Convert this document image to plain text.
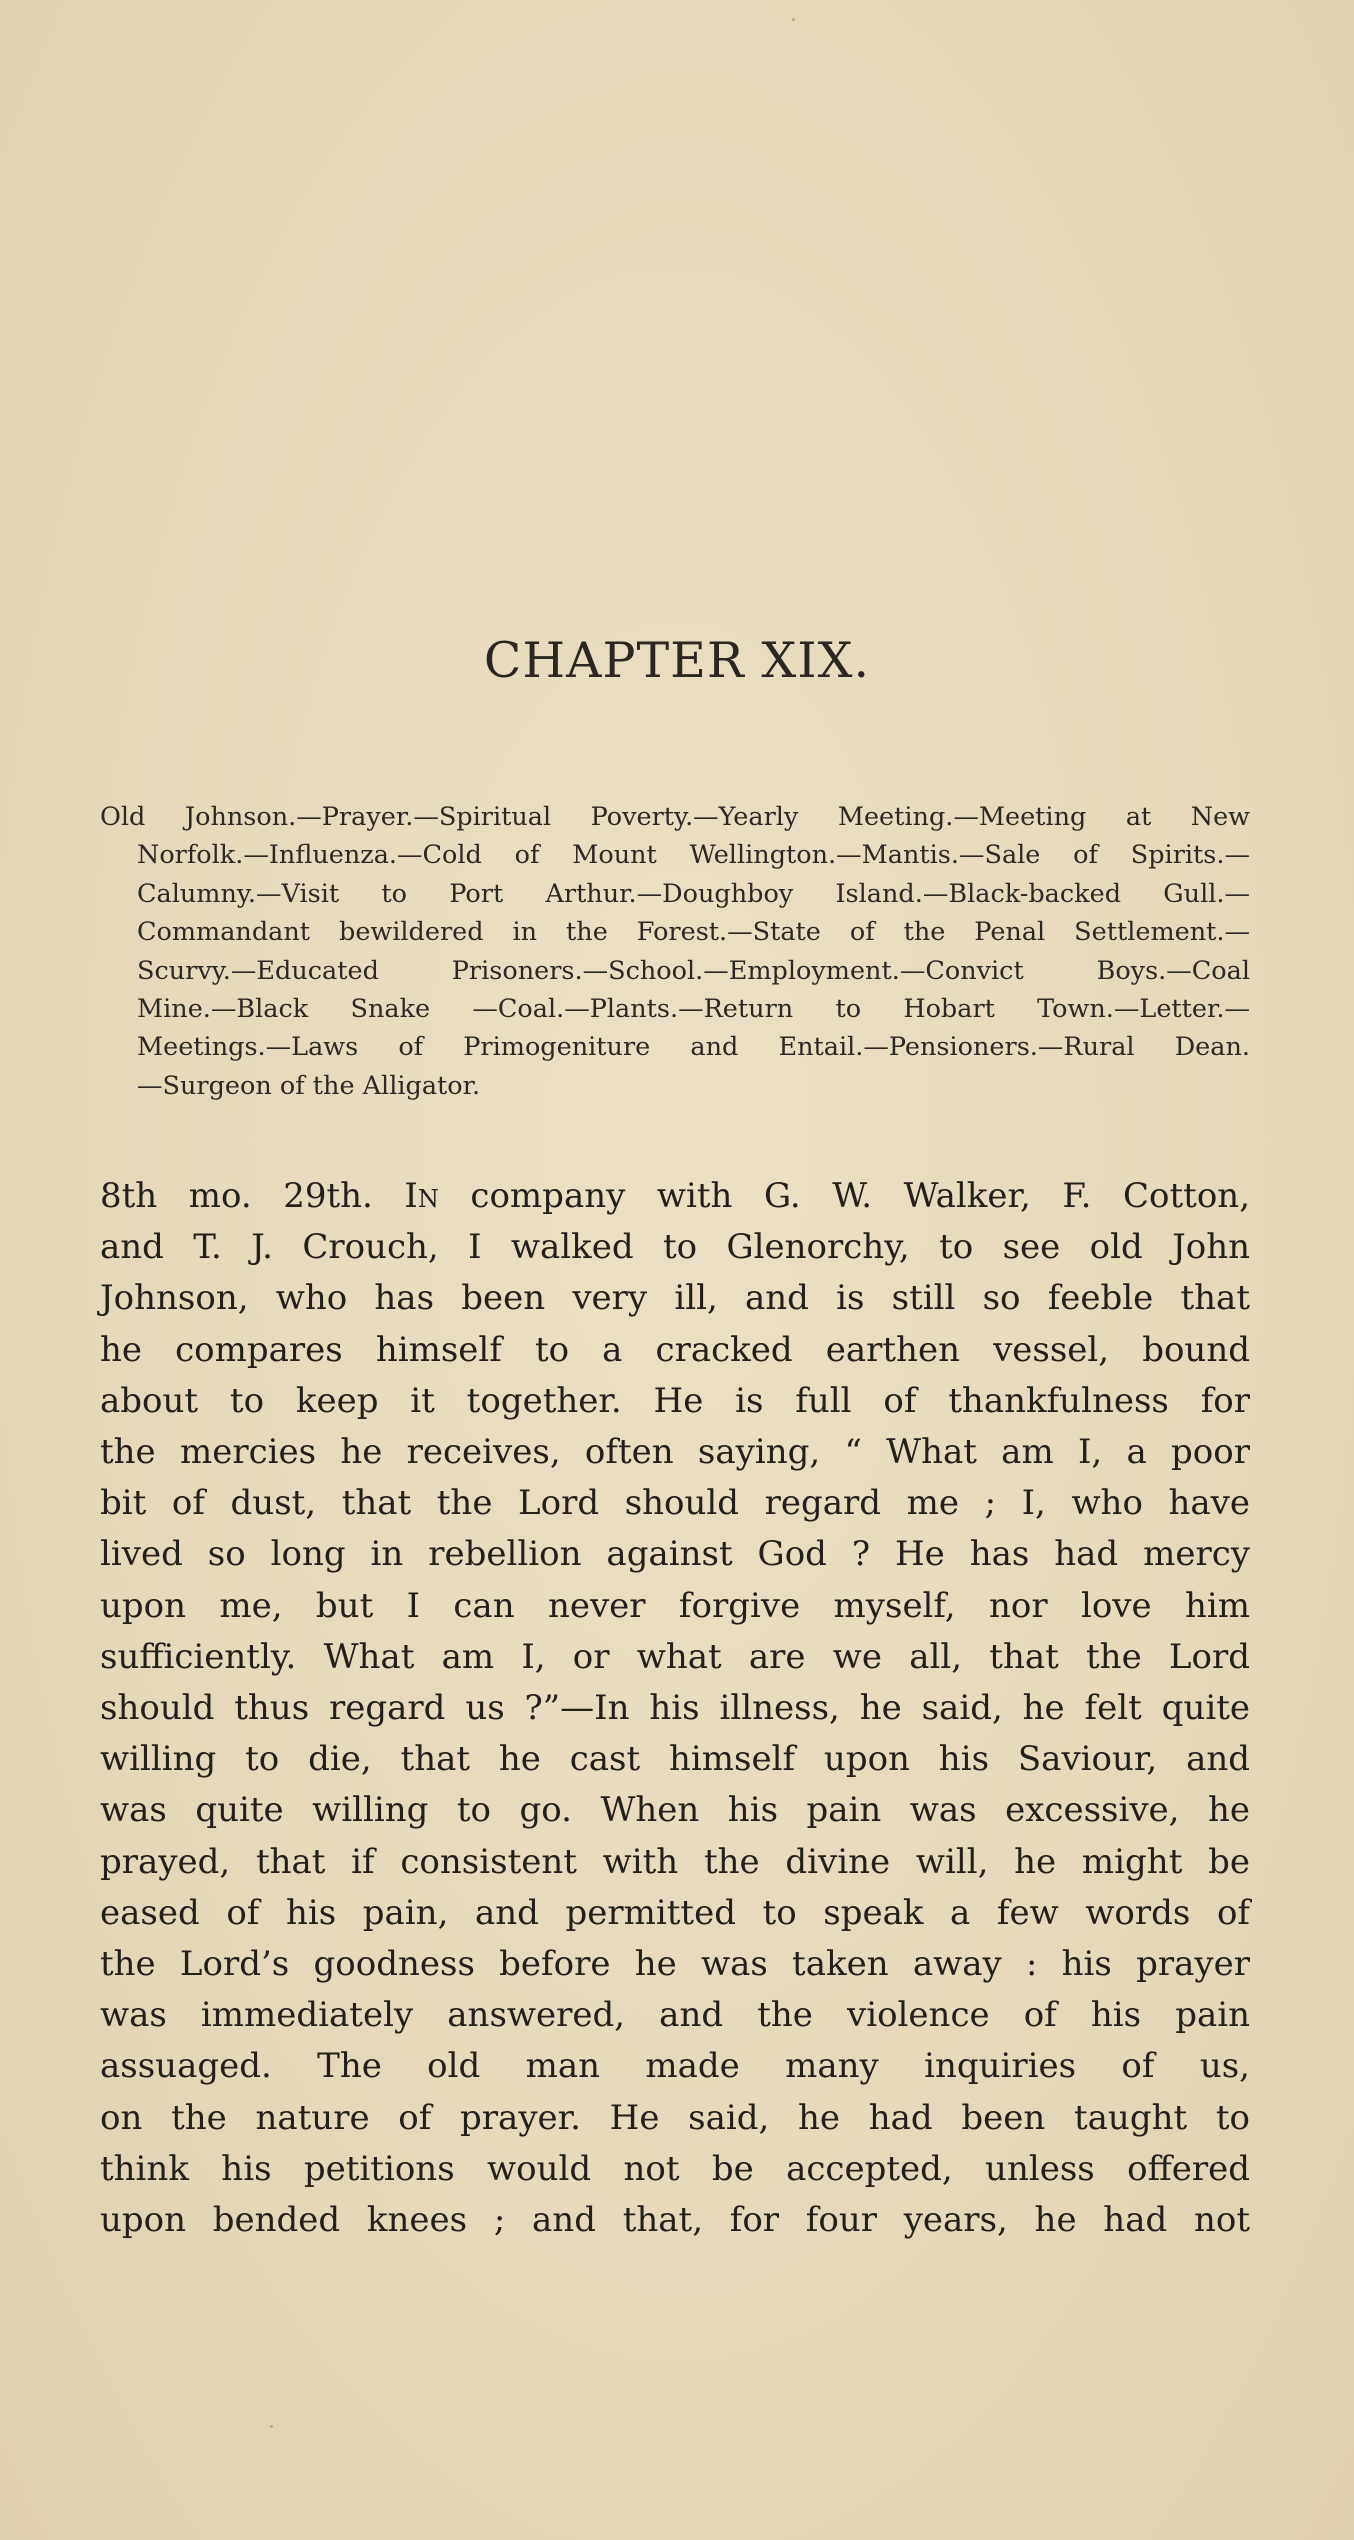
CHAPTER XIX.

Old Johnson.—Prayer.—Spiritual Poverty.—Yearly Meeting.—Meeting at New
Norfolk.—Influenza.—Cold of Mount Wellington.—Mantis.—Sale of Spirits.—
Calumny.—Visit to Port Arthur.—Doughboy Island.—Black-backed Gull.—
Commandant bewildered in the Forest.—State of the Penal Settlement.—
Scurvy.—Educated Prisoners.—School.—Employment.—Convict Boys.—Coal
Mine.—Black Snake —Coal.—Plants.—Return to Hobart Town.—Letter.—
Meetings.—Laws of Primogeniture and Entail.—Pensioners.—Rural Dean.
—Surgeon of the Alligator.

8th mo. 29th. In company with G. W. Walker, F. Cotton,
and T. J. Crouch, I walked to Glenorchy, to see old John
Johnson, who has been very ill, and is still so feeble that
he compares himself to a cracked earthen vessel, bound
about to keep it together. He is full of thankfulness for
the mercies he receives, often saying, “ What am I, a poor
bit of dust, that the Lord should regard me ; I, who have
lived so long in rebellion against God ? He has had mercy
upon me, but I can never forgive myself, nor love him
sufficiently. What am I, or what are we all, that the Lord
should thus regard us ?”—In his illness, he said, he felt quite
willing to die, that he cast himself upon his Saviour, and
was quite willing to go. When his pain was excessive, he
prayed, that if consistent with the divine will, he might be
eased of his pain, and permitted to speak a few words of
the Lord’s goodness before he was taken away : his prayer
was immediately answered, and the violence of his pain
assuaged. The old man made many inquiries of us,
on the nature of prayer. He said, he had been taught to
think his petitions would not be accepted, unless offered
upon bended knees ; and that, for four years, he had not
